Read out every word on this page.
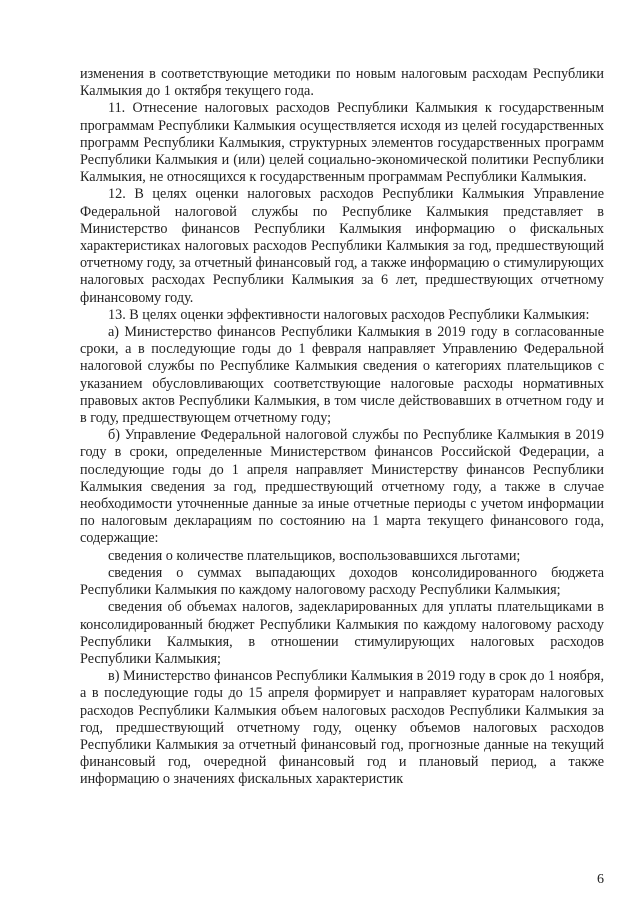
изменения в соответствующие методики по новым налоговым расходам Республики Калмыкия до 1 октября текущего года.

11. Отнесение налоговых расходов Республики Калмыкия к государственным программам Республики Калмыкия осуществляется исходя из целей государственных программ Республики Калмыкия, структурных элементов государственных программ Республики Калмыкия и (или) целей социально-экономической политики Республики Калмыкия, не относящихся к государственным программам Республики Калмыкия.

12. В целях оценки налоговых расходов Республики Калмыкия Управление Федеральной налоговой службы по Республике Калмыкия представляет в Министерство финансов Республики Калмыкия информацию о фискальных характеристиках налоговых расходов Республики Калмыкия за год, предшествующий отчетному году, за отчетный финансовый год, а также информацию о стимулирующих налоговых расходах Республики Калмыкия за 6 лет, предшествующих отчетному финансовому году.

13. В целях оценки эффективности налоговых расходов Республики Калмыкия:

а) Министерство финансов Республики Калмыкия в 2019 году в согласованные сроки, а в последующие годы до 1 февраля направляет Управлению Федеральной налоговой службы по Республике Калмыкия сведения о категориях плательщиков с указанием обусловливающих соответствующие налоговые расходы нормативных правовых актов Республики Калмыкия, в том числе действовавших в отчетном году и в году, предшествующем отчетному году;

б) Управление Федеральной налоговой службы по Республике Калмыкия в 2019 году в сроки, определенные Министерством финансов Российской Федерации, а последующие годы до 1 апреля направляет Министерству финансов Республики Калмыкия сведения за год, предшествующий отчетному году, а также в случае необходимости уточненные данные за иные отчетные периоды с учетом информации по налоговым декларациям по состоянию на 1 марта текущего финансового года, содержащие:

сведения о количестве плательщиков, воспользовавшихся льготами;

сведения о суммах выпадающих доходов консолидированного бюджета Республики Калмыкия по каждому налоговому расходу Республики Калмыкия;

сведения об объемах налогов, задекларированных для уплаты плательщиками в консолидированный бюджет Республики Калмыкия по каждому налоговому расходу Республики Калмыкия, в отношении стимулирующих налоговых расходов Республики Калмыкия;

в) Министерство финансов Республики Калмыкия в 2019 году в срок до 1 ноября, а в последующие годы до 15 апреля формирует и направляет кураторам налоговых расходов Республики Калмыкия объем налоговых расходов Республики Калмыкия за год, предшествующий отчетному году, оценку объемов налоговых расходов Республики Калмыкия за отчетный финансовый год, прогнозные данные на текущий финансовый год, очередной финансовый год и плановый период, а также информацию о значениях фискальных характеристик

6
